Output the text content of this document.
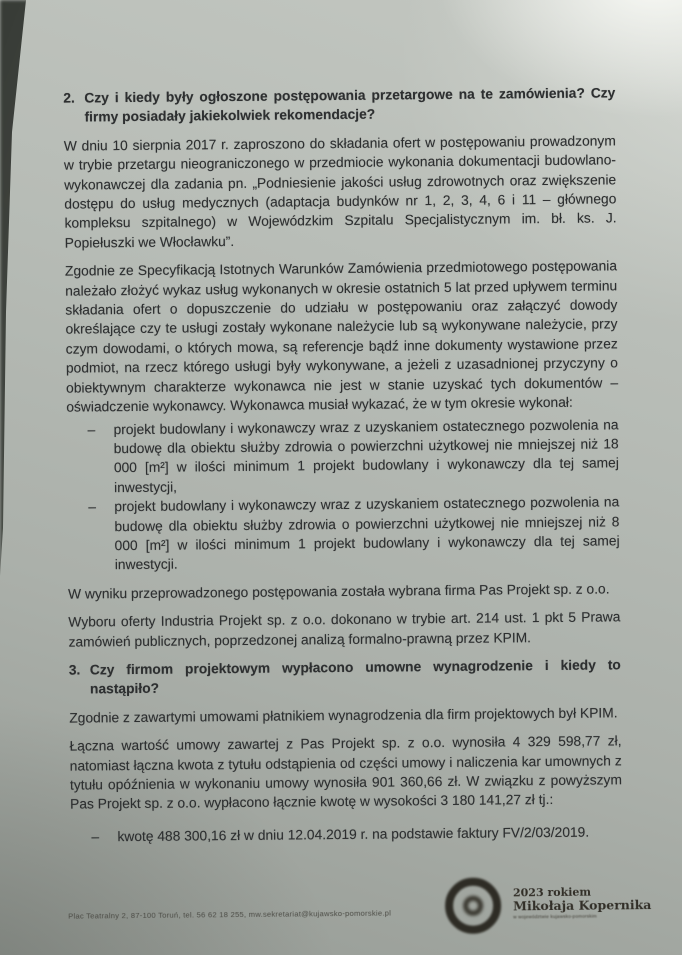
2. Czy i kiedy były ogłoszone postępowania przetargowe na te zamówienia? Czy firmy posiadały jakiekolwiek rekomendacje?

W dniu 10 sierpnia 2017 r. zaproszono do składania ofert w postępowaniu prowadzonym w trybie przetargu nieograniczonego w przedmiocie wykonania dokumentacji budowlano-wykonawczej dla zadania pn. „Podniesienie jakości usług zdrowotnych oraz zwiększenie dostępu do usług medycznych (adaptacja budynków nr 1, 2, 3, 4, 6 i 11 – głównego kompleksu szpitalnego) w Wojewódzkim Szpitalu Specjalistycznym im. bł. ks. J. Popiełuszki we Włocławku”.

Zgodnie ze Specyfikacją Istotnych Warunków Zamówienia przedmiotowego postępowania należało złożyć wykaz usług wykonanych w okresie ostatnich 5 lat przed upływem terminu składania ofert o dopuszczenie do udziału w postępowaniu oraz załączyć dowody określające czy te usługi zostały wykonane należycie lub są wykonywane należycie, przy czym dowodami, o których mowa, są referencje bądź inne dokumenty wystawione przez podmiot, na rzecz którego usługi były wykonywane, a jeżeli z uzasadnionej przyczyny o obiektywnym charakterze wykonawca nie jest w stanie uzyskać tych dokumentów – oświadczenie wykonawcy. Wykonawca musiał wykazać, że w tym okresie wykonał:

–	projekt budowlany i wykonawczy wraz z uzyskaniem ostatecznego pozwolenia na budowę dla obiektu służby zdrowia o powierzchni użytkowej nie mniejszej niż 18 000 [m²] w ilości minimum 1 projekt budowlany i wykonawczy dla tej samej inwestycji,
–	projekt budowlany i wykonawczy wraz z uzyskaniem ostatecznego pozwolenia na budowę dla obiektu służby zdrowia o powierzchni użytkowej nie mniejszej niż 8 000 [m²] w ilości minimum 1 projekt budowlany i wykonawczy dla tej samej inwestycji.

W wyniku przeprowadzonego postępowania została wybrana firma Pas Projekt sp. z o.o.

Wyboru oferty Industria Projekt sp. z o.o. dokonano w trybie art. 214 ust. 1 pkt 5 Prawa zamówień publicznych, poprzedzonej analizą formalno-prawną przez KPIM.

3. Czy firmom projektowym wypłacono umowne wynagrodzenie i kiedy to nastąpiło?

Zgodnie z zawartymi umowami płatnikiem wynagrodzenia dla firm projektowych był KPIM.

Łączna wartość umowy zawartej z Pas Projekt sp. z o.o. wynosiła 4 329 598,77 zł, natomiast łączna kwota z tytułu odstąpienia od części umowy i naliczenia kar umownych z tytułu opóźnienia w wykonaniu umowy wynosiła 901 360,66 zł. W związku z powyższym Pas Projekt sp. z o.o. wypłacono łącznie kwotę w wysokości 3 180 141,27 zł tj.:

–	kwotę 488 300,16 zł w dniu 12.04.2019 r. na podstawie faktury FV/2/03/2019.
Plac Teatralny 2, 87-100 Toruń, tel. 56 62 18 255, mw.sekretariat@kujawsko-pomorskie.pl
2023 rokiem
Mikołaja Kopernika
w województwie kujawsko-pomorskim
